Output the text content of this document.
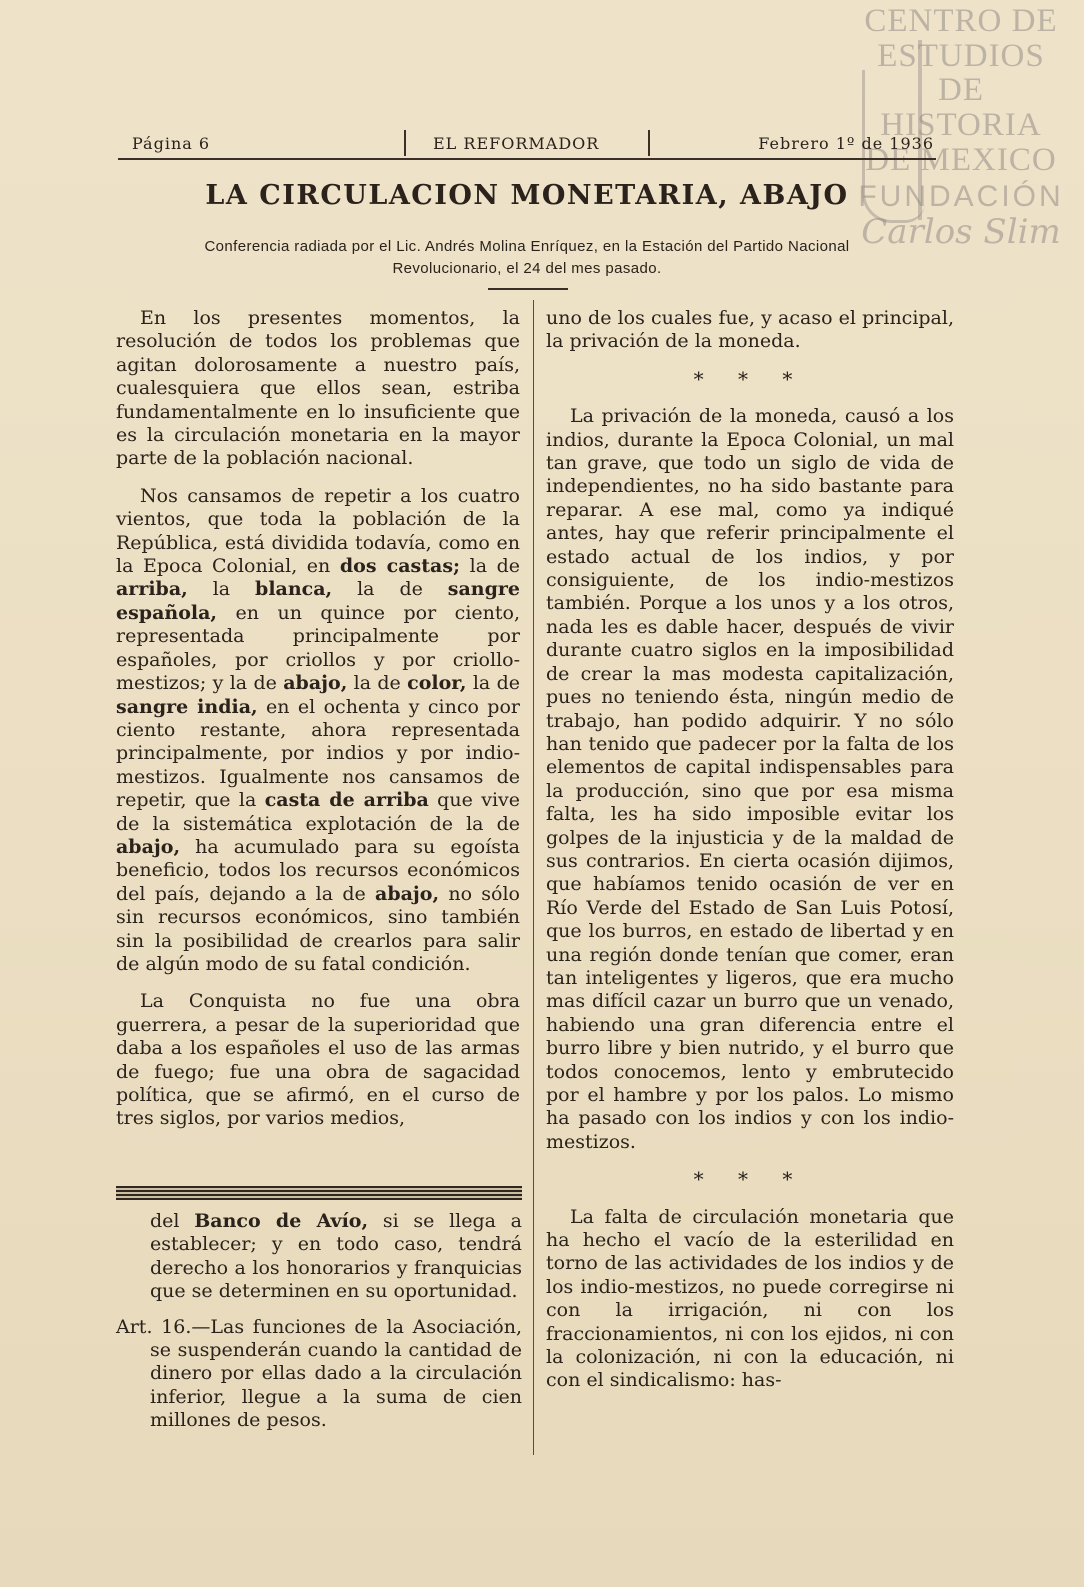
CENTRO DE
ESTUDIOS
DE HISTORIA
DE MEXICO
FUNDACIÓN
Carlos Slim
Página 6	EL REFORMADOR	Febrero 1º de 1936
LA CIRCULACION MONETARIA, ABAJO
Conferencia radiada por el Lic. Andrés Molina Enríquez, en la Estación del Partido Nacional
Revolucionario, el 24 del mes pasado.

En los presentes momentos, la resolución de todos los problemas que agitan dolorosamente a nuestro país, cualesquiera que ellos sean, estriba fundamentalmente en lo insuficiente que es la circulación monetaria en la mayor parte de la población nacional.

Nos cansamos de repetir a los cuatro vientos, que toda la población de la República, está dividida todavía, como en la Epoca Colonial, en dos castas; la de arriba, la blanca, la de sangre española, en un quince por ciento, representada principalmente por españoles, por criollos y por criollo-mestizos; y la de abajo, la de color, la de sangre india, en el ochenta y cinco por ciento restante, ahora representada principalmente, por indios y por indio-mestizos. Igualmente nos cansamos de repetir, que la casta de arriba que vive de la sistemática explotación de la de abajo, ha acumulado para su egoísta beneficio, todos los recursos económicos del país, dejando a la de abajo, no sólo sin recursos económicos, sino también sin la posibilidad de crearlos para salir de algún modo de su fatal condición.

La Conquista no fue una obra guerrera, a pesar de la superioridad que daba a los españoles el uso de las armas de fuego; fue una obra de sagacidad política, que se afirmó, en el curso de tres siglos, por varios medios,

del Banco de Avío, si se llega a establecer; y en todo caso, tendrá derecho a los honorarios y franquicias que se determinen en su oportunidad.

Art. 16.—Las funciones de la Asociación, se suspenderán cuando la cantidad de dinero por ellas dado a la circulación inferior, llegue a la suma de cien millones de pesos.

uno de los cuales fue, y acaso el principal, la privación de la moneda.

* * *

La privación de la moneda, causó a los indios, durante la Epoca Colonial, un mal tan grave, que todo un siglo de vida de independientes, no ha sido bastante para reparar. A ese mal, como ya indiqué antes, hay que referir principalmente el estado actual de los indios, y por consiguiente, de los indio-mestizos también. Porque a los unos y a los otros, nada les es dable hacer, después de vivir durante cuatro siglos en la imposibilidad de crear la mas modesta capitalización, pues no teniendo ésta, ningún medio de trabajo, han podido adquirir. Y no sólo han tenido que padecer por la falta de los elementos de capital indispensables para la producción, sino que por esa misma falta, les ha sido imposible evitar los golpes de la injusticia y de la maldad de sus contrarios. En cierta ocasión dijimos, que habíamos tenido ocasión de ver en Río Verde del Estado de San Luis Potosí, que los burros, en estado de libertad y en una región donde tenían que comer, eran tan inteligentes y ligeros, que era mucho mas difícil cazar un burro que un venado, habiendo una gran diferencia entre el burro libre y bien nutrido, y el burro que todos conocemos, lento y embrutecido por el hambre y por los palos. Lo mismo ha pasado con los indios y con los indio-mestizos.

* * *

La falta de circulación monetaria que ha hecho el vacío de la esterilidad en torno de las actividades de los indios y de los indio-mestizos, no puede corregirse ni con la irrigación, ni con los fraccionamientos, ni con los ejidos, ni con la colonización, ni con la educación, ni con el sindicalismo: has-
